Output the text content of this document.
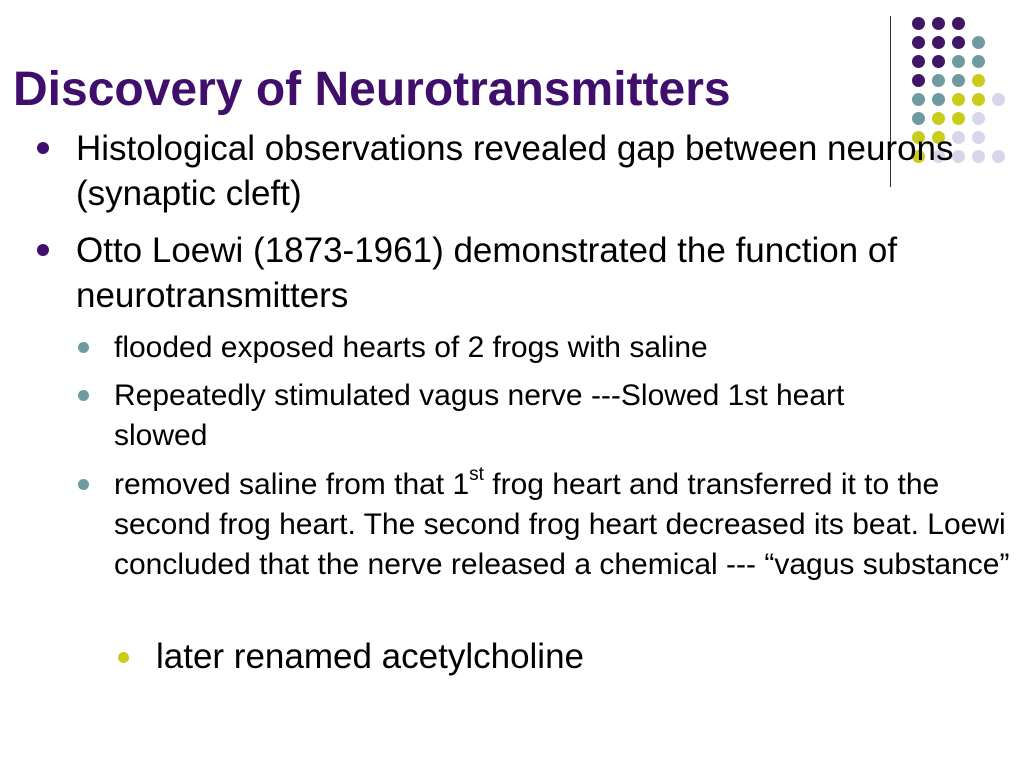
Discovery of Neurotransmitters
Histological observations revealed gap between neurons (synaptic cleft)
Otto Loewi (1873-1961) demonstrated the function of neurotransmitters
flooded exposed hearts of 2 frogs with saline
Repeatedly stimulated vagus nerve ---Slowed 1st heart slowed
removed saline from that 1st frog heart and transferred it to the second frog heart. The second frog heart decreased its beat. Loewi concluded that the nerve released a chemical --- “vagus substance”
later renamed acetylcholine
